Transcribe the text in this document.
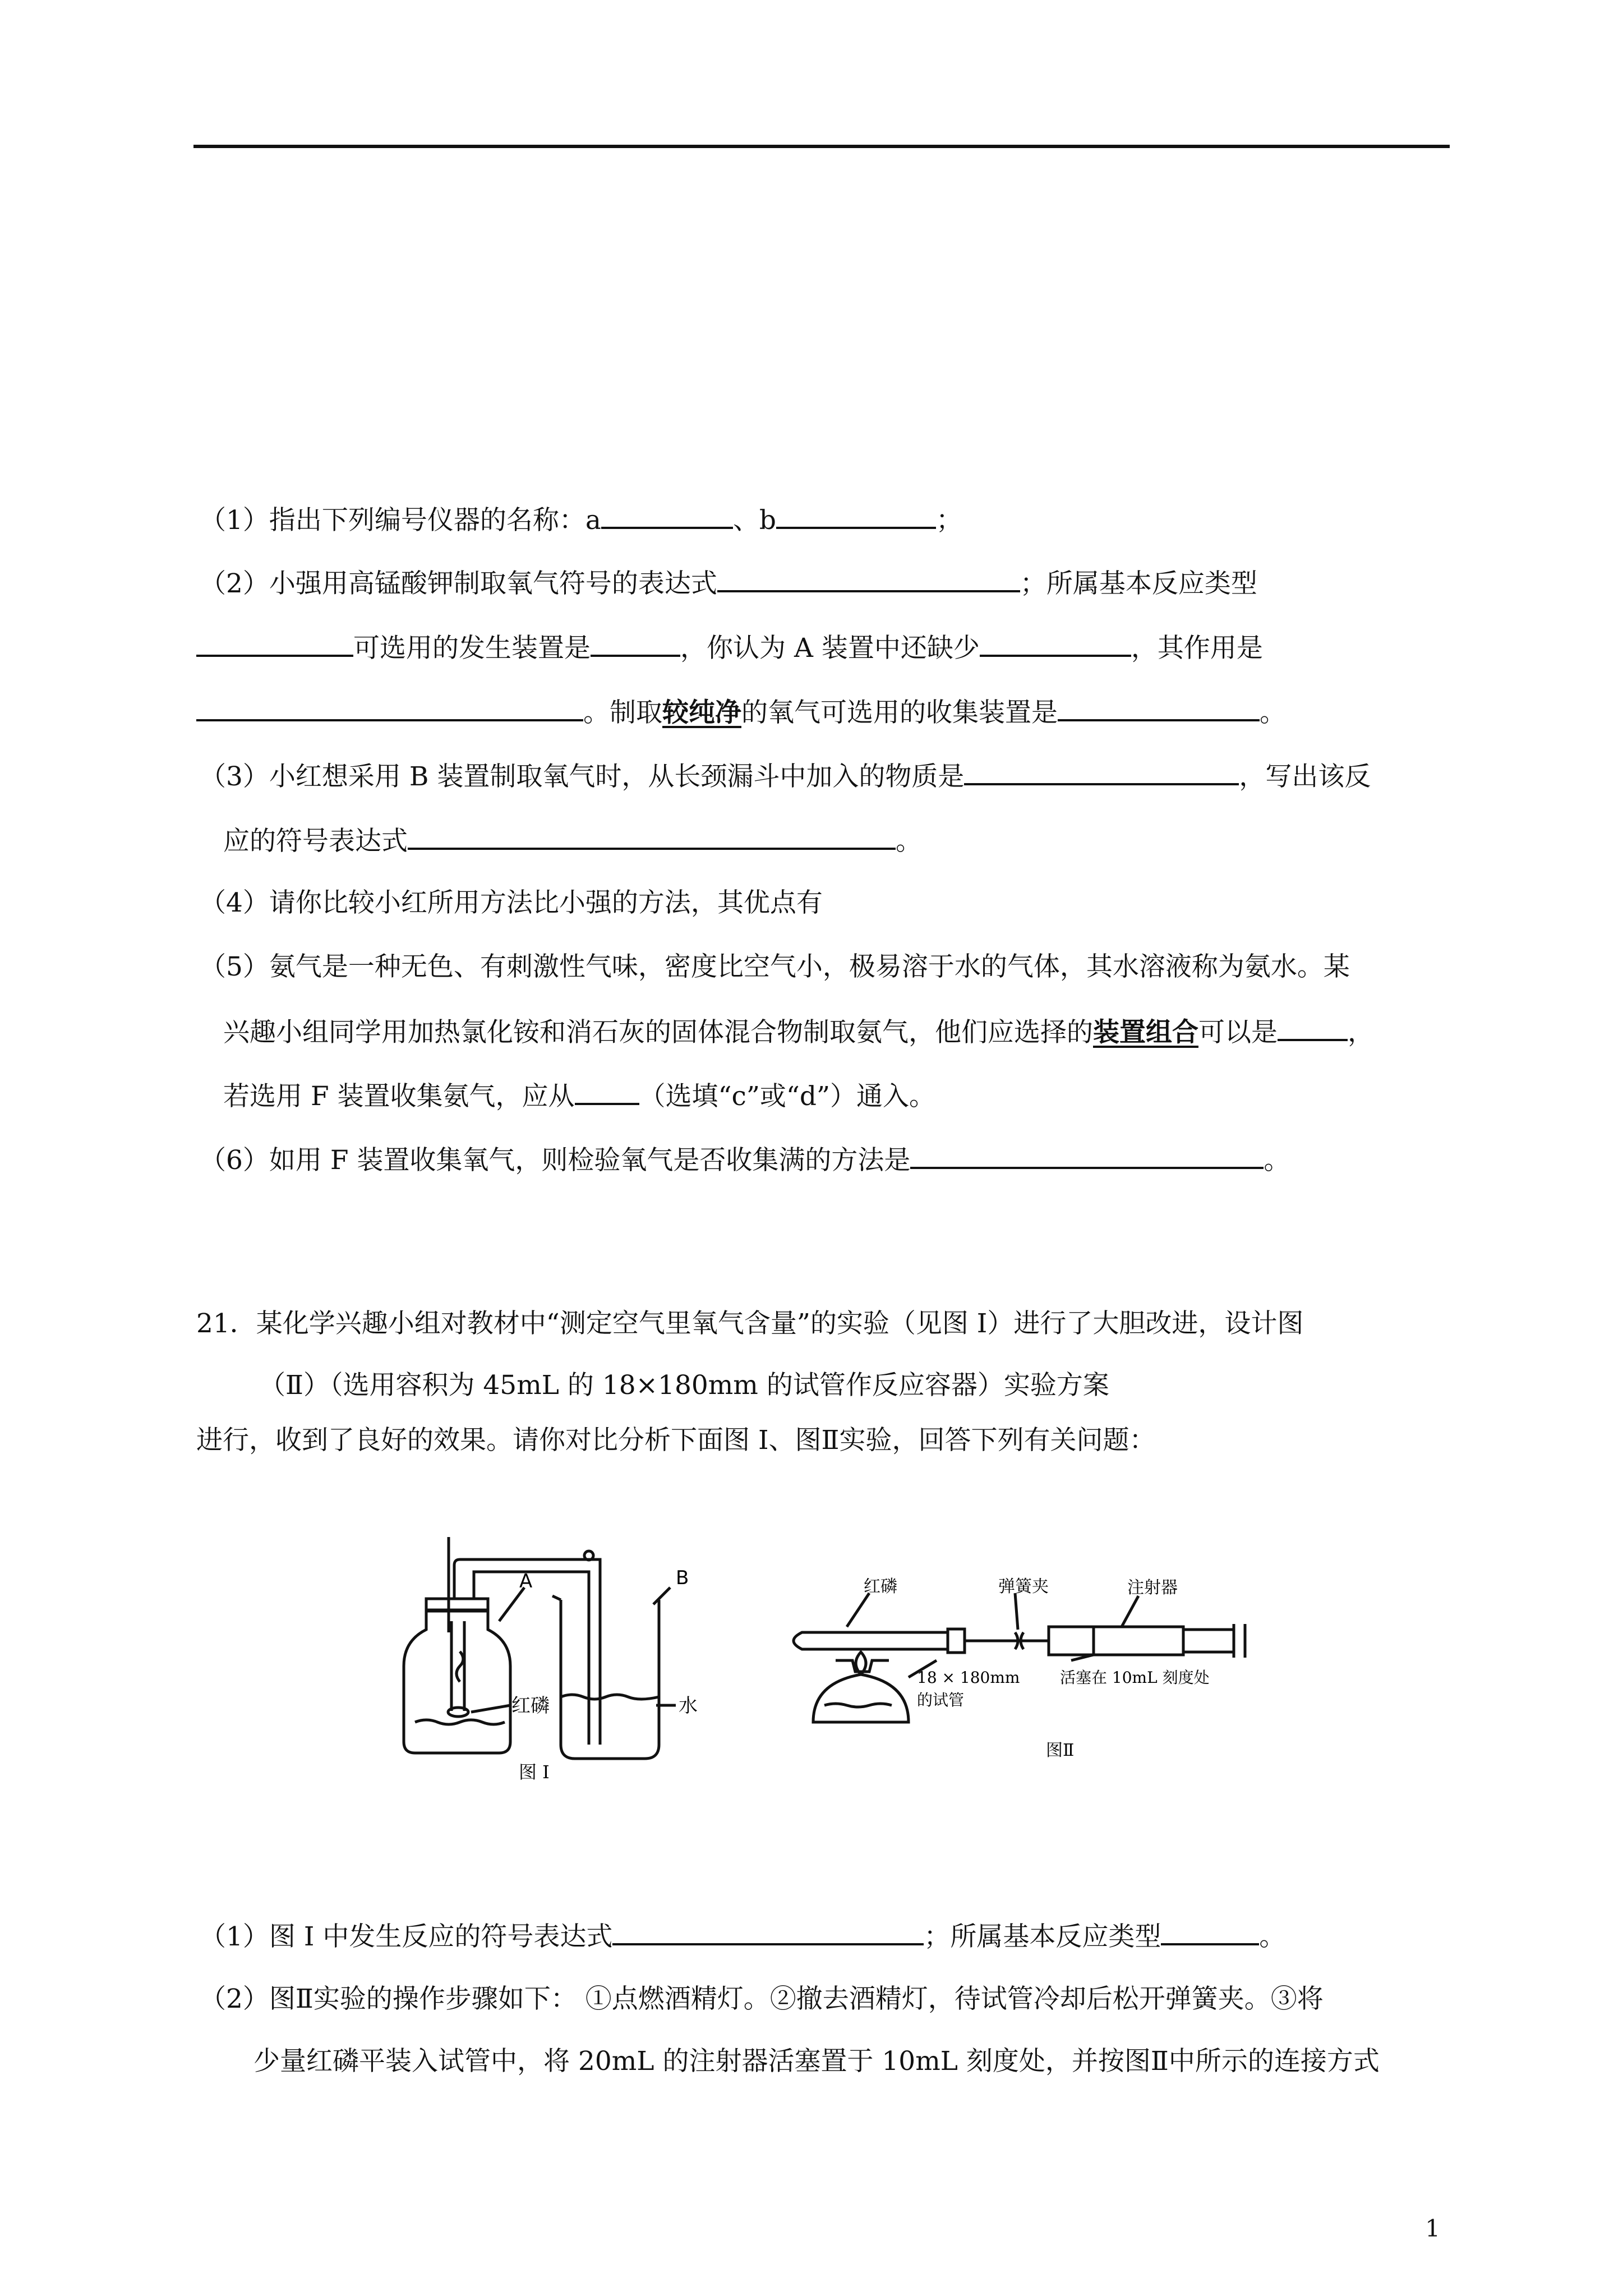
（1）指出下列编号仪器的名称：a	、b	；
（2）小强用高锰酸钾制取氧气符号的表达式	；所属基本反应类型
可选用的发生装置是	，你认为 A 装置中还缺少	，其作用是
。制取较纯净的氧气可选用的收集装置是	。
（3）小红想采用 B 装置制取氧气时，从长颈漏斗中加入的物质是	，写出该反
应的符号表达式	。
（4）请你比较小红所用方法比小强的方法，其优点有
（5）氨气是一种无色、有刺激性气味，密度比空气小，极易溶于水的气体，其水溶液称为氨水。某
兴趣小组同学用加热氯化铵和消石灰的固体混合物制取氨气，他们应选择的装置组合可以是	，
若选用 F 装置收集氨气，应从 （选填“c”或“d”）通入。
（6）如用 F 装置收集氧气，则检验氧气是否收集满的方法是	。
21．某化学兴趣小组对教材中“测定空气里氧气含量”的实验（见图 I）进行了大胆改进，设计图
（Ⅱ）（选用容积为 45mL 的 18×180mm 的试管作反应容器）实验方案
进行，收到了良好的效果。请你对比分析下面图 I、图Ⅱ实验，回答下列有关问题：
A	B
红磷	水
图 I
红磷	弹簧夹	注射器
18 × 180mm
的试管
活塞在 10mL 刻度处
图Ⅱ
（1）图 I 中发生反应的符号表达式	；所属基本反应类型	。
（2）图Ⅱ实验的操作步骤如下： ①点燃酒精灯。②撤去酒精灯，待试管冷却后松开弹簧夹。③将
少量红磷平装入试管中，将 20mL 的注射器活塞置于 10mL 刻度处，并按图Ⅱ中所示的连接方式
1
